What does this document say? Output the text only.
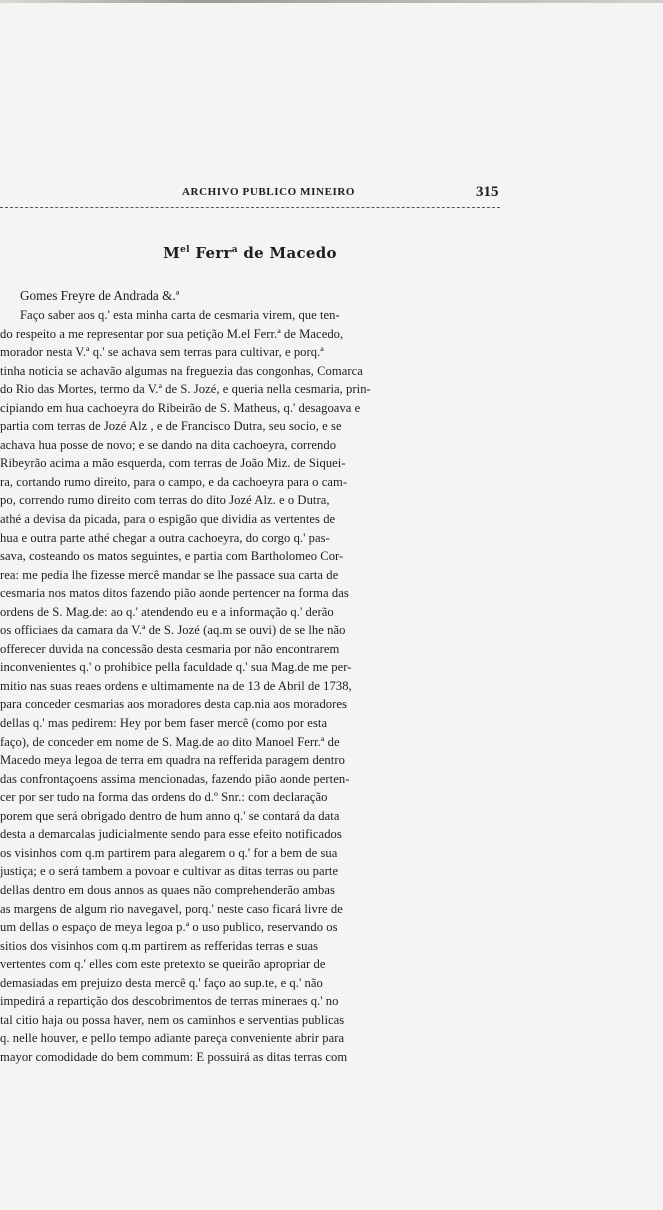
ARCHIVO PUBLICO MINEIRO	315
$M^{el}$ Ferr$^a$ de Macedo
Gomes Freyre de Andrada &.ª
Faço saber aos q.' esta minha carta de cesmaria virem, que ten-
do respeito a me representar por sua petição M.el Ferr.ª de Macedo,
morador nesta V.ª q.' se achava sem terras para cultivar, e porq.ª
tinha noticia se achavão algumas na freguezia das congonhas, Comarca
do Rio das Mortes, termo da V.ª de S. Jozé, e queria nella cesmaria, prin-
cipiando em hua cachoeyra do Ribeirão de S. Matheus, q.' desagoava e
partia com terras de Jozé Alz , e de Francisco Dutra, seu socio, e se
achava hua posse de novo; e se dando na dita cachoeyra, correndo
Ribeyrão acima a mão esquerda, com terras de João Miz. de Siquei-
ra, cortando rumo direito, para o campo, e da cachoeyra para o cam-
po, correndo rumo direito com terras do dito Jozé Alz. e o Dutra,
athé a devisa da picada, para o espigão que dividia as vertentes de
hua e outra parte athé chegar a outra cachoeyra, do corgo q.' pas-
sava, costeando os matos seguintes, e partia com Bartholomeo Cor-
rea: me pedia lhe fizesse mercê mandar se lhe passace sua carta de
cesmaria nos matos ditos fazendo pião aonde pertencer na forma das
ordens de S. Mag.de: ao q.' atendendo eu e a informação q.' derão
os officiaes da camara da V.ª de S. Jozé (aq.m se ouvi) de se lhe não
offerecer duvida na concessão desta cesmaria por não encontrarem
inconvenientes q.' o prohibice pella faculdade q.' sua Mag.de me per-
mitio nas suas reaes ordens e ultimamente na de 13 de Abril de 1738,
para conceder cesmarias aos moradores desta cap.nia aos moradores
dellas q.' mas pedirem: Hey por bem faser mercê (como por esta
faço), de conceder em nome de S. Mag.de ao dito Manoel Ferr.ª de
Macedo meya legoa de terra em quadra na refferida paragem dentro
das confrontaçoens assima mencionadas, fazendo pião aonde perten-
cer por ser tudo na forma das ordens do d.º Snr.: com declaração
porem que será obrigado dentro de hum anno q.' se contará da data
desta a demarcalas judicialmente sendo para esse efeito notificados
os visinhos com q.m partirem para alegarem o q.' for a bem de sua
justiça; e o será tambem a povoar e cultivar as ditas terras ou parte
dellas dentro em dous annos as quaes não comprehenderão ambas
as margens de algum rio navegavel, porq.' neste caso ficará livre de
um dellas o espaço de meya legoa p.ª o uso publico, reservando os
sitios dos visinhos com q.m partirem as refferidas terras e suas
vertentes com q.' elles com este pretexto se queirão apropriar de
demasiadas em prejuizo desta mercê q.' faço ao sup.te, e q.' não
impedirá a repartição dos descobrimentos de terras mineraes q.' no
tal citio haja ou possa haver, nem os caminhos e serventias publicas
q. nelle houver, e pello tempo adiante pareça conveniente abrir para
mayor comodidade do bem commum: E possuirá as ditas terras com
